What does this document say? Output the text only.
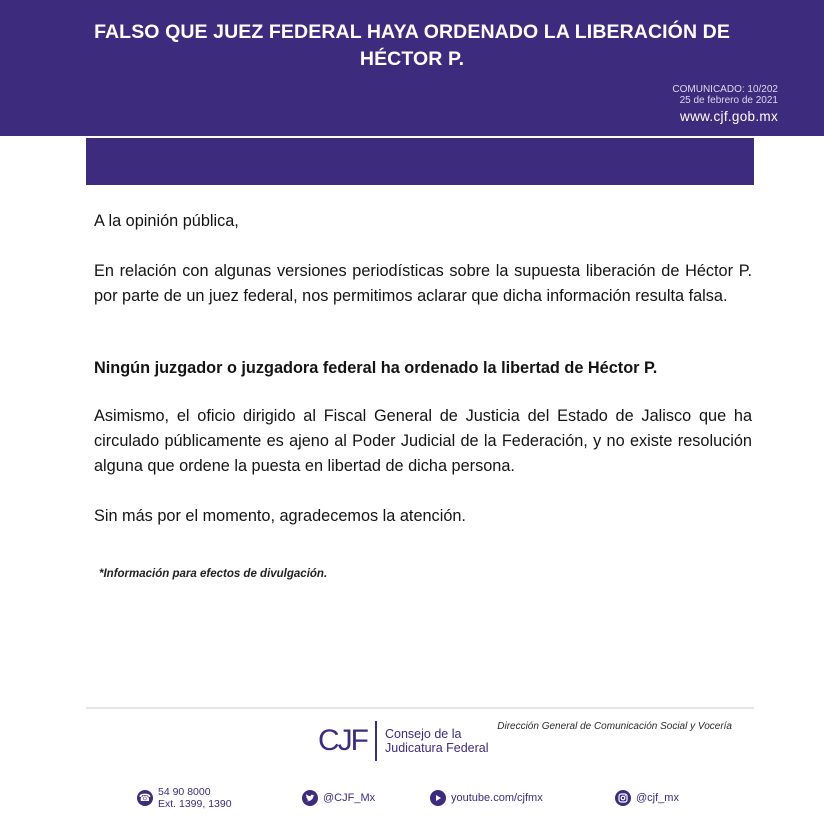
FALSO QUE JUEZ FEDERAL HAYA ORDENADO LA LIBERACIÓN DE HÉCTOR P.
COMUNICADO: 10/202
25 de febrero de 2021
www.cjf.gob.mx
A la opinión pública,
En relación con algunas versiones periodísticas sobre la supuesta liberación de Héctor P. por parte de un juez federal, nos permitimos aclarar que dicha información resulta falsa.
Ningún juzgador o juzgadora federal ha ordenado la libertad de Héctor P.
Asimismo, el oficio dirigido al Fiscal General de Justicia del Estado de Jalisco que ha circulado públicamente es ajeno al Poder Judicial de la Federación, y no existe resolución alguna que ordene la puesta en libertad de dicha persona.
Sin más por el momento, agradecemos la atención.
*Información para efectos de divulgación.
CJF Consejo de la
Judicatura Federal
Dirección General de Comunicación Social y Vocería
☎ 54 90 8000
Ext. 1399, 1390	@CJF_Mx	youtube.com/cjfmx	@cjf_mx
